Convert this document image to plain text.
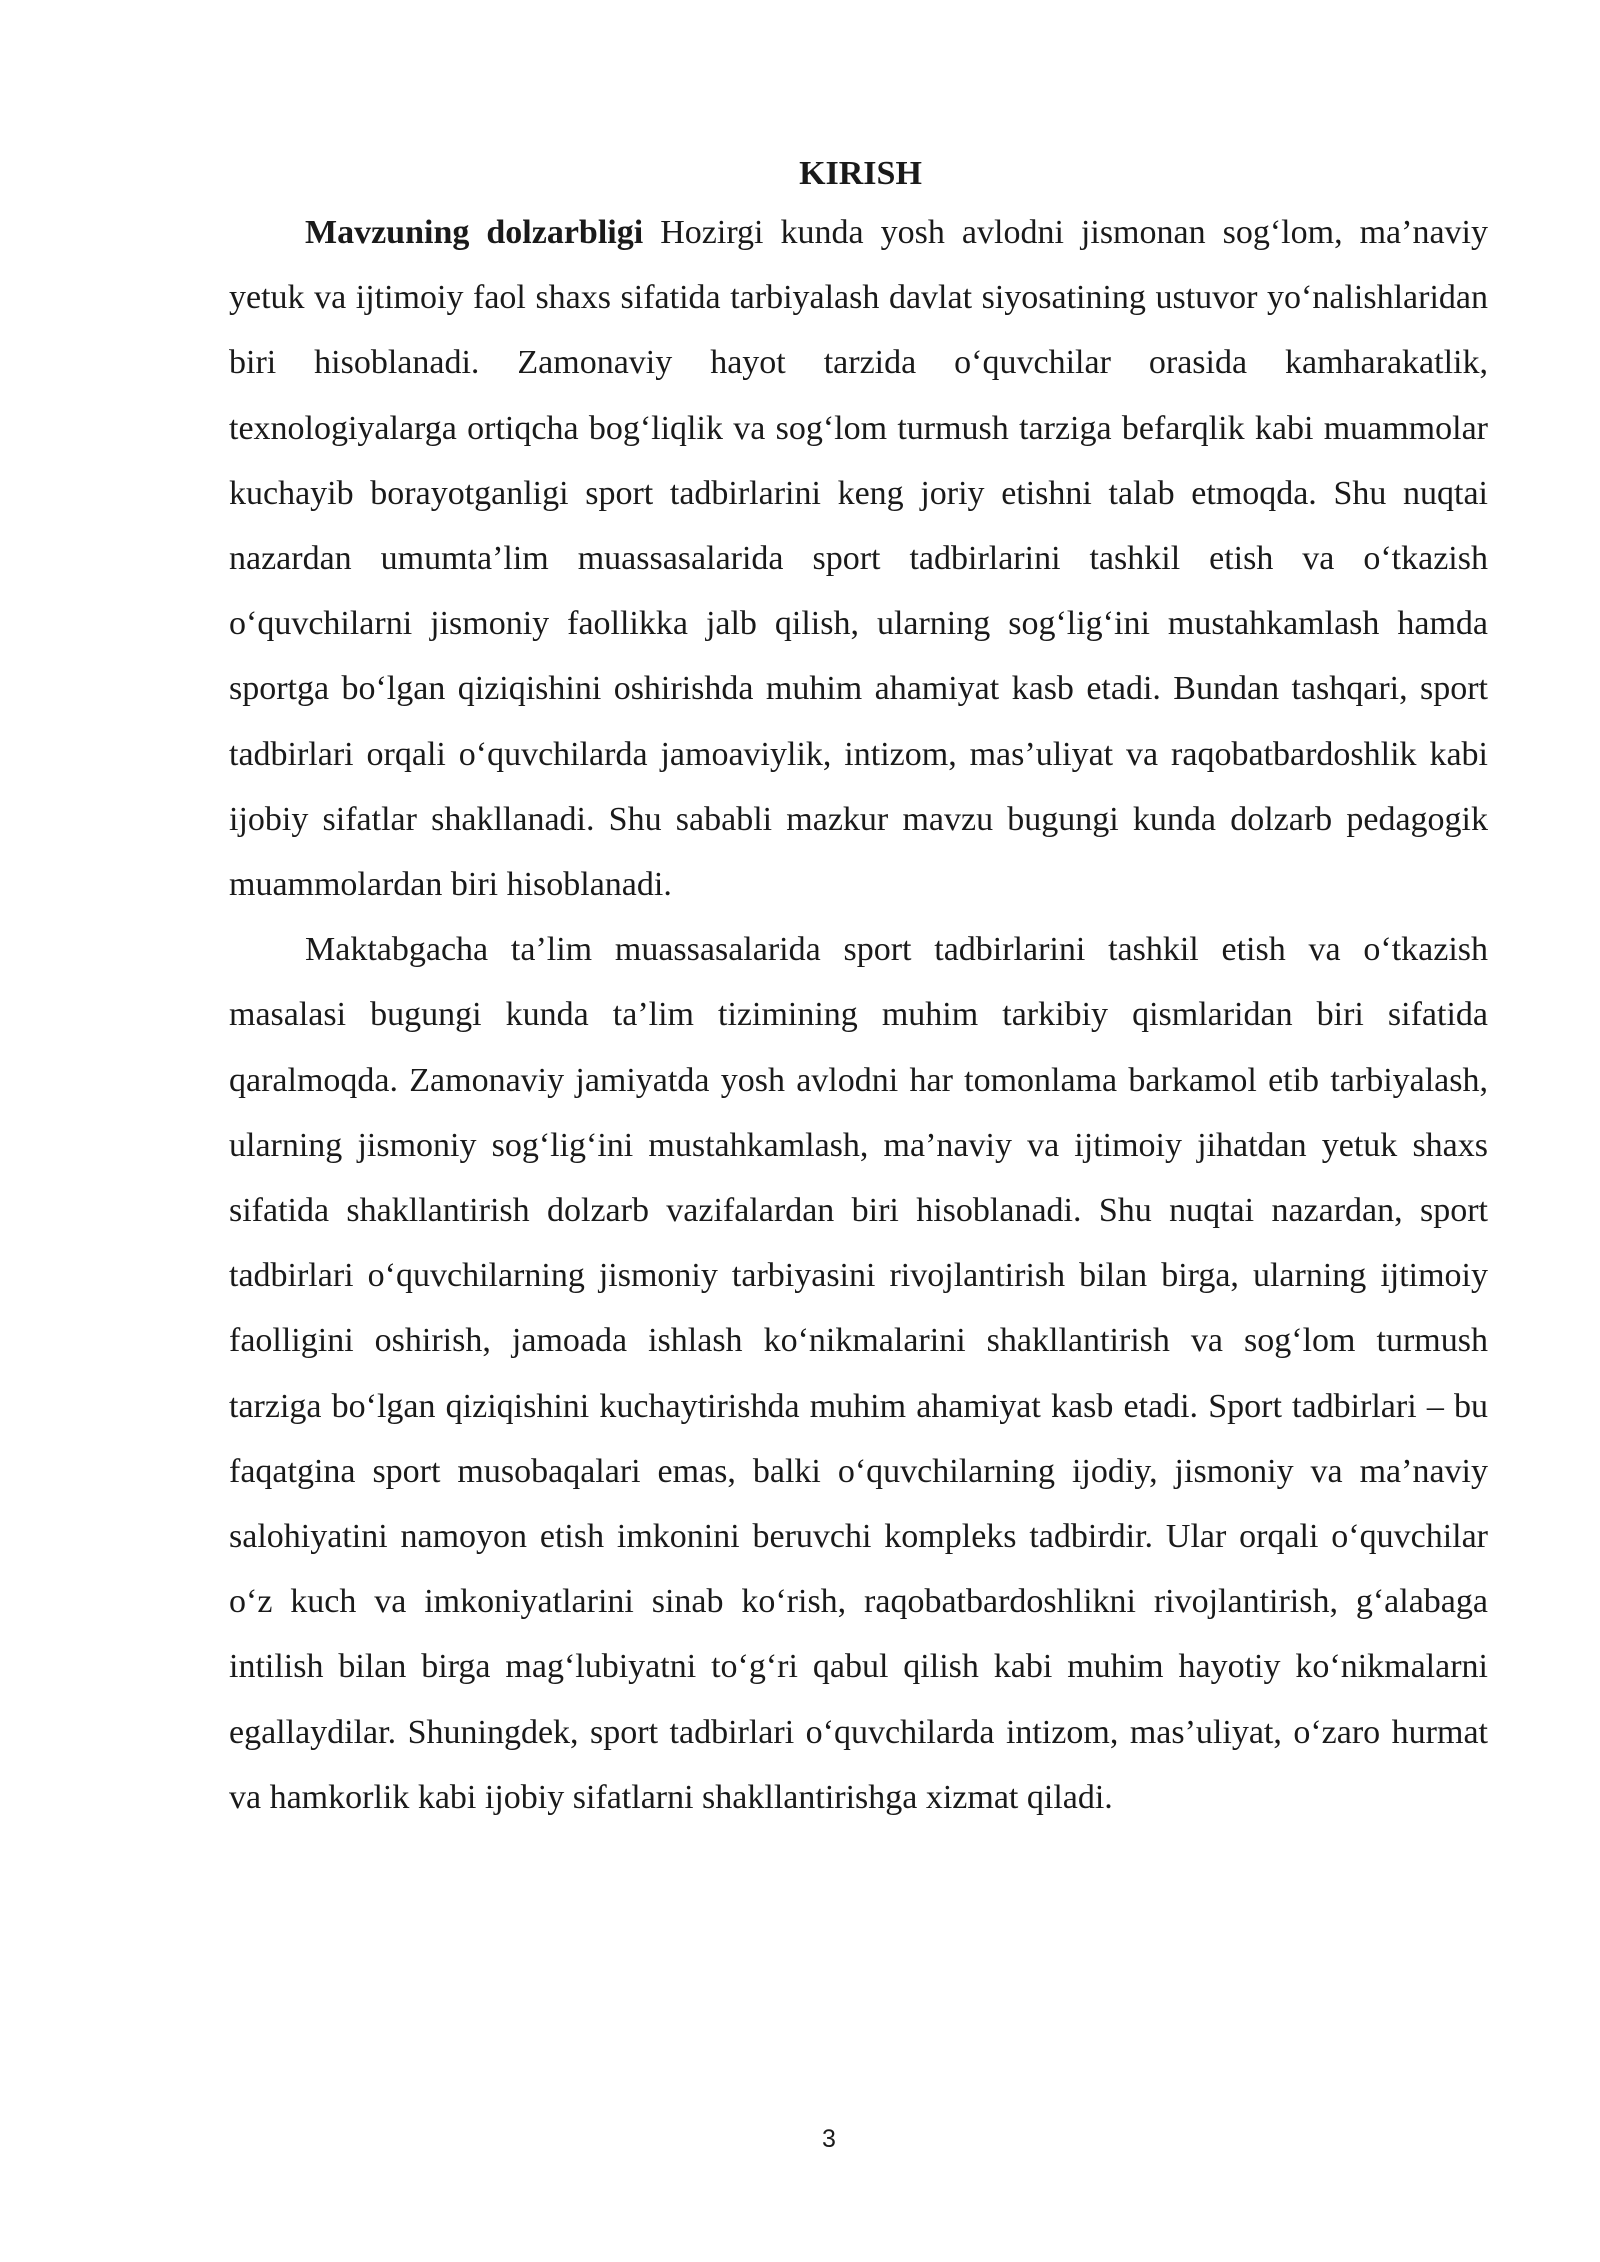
KIRISH

Mavzuning dolzarbligi Hozirgi kunda yosh avlodni jismonan sog‘lom, ma’naviy yetuk va ijtimoiy faol shaxs sifatida tarbiyalash davlat siyosatining ustuvor yo‘nalishlaridan biri hisoblanadi. Zamonaviy hayot tarzida o‘quvchilar orasida kamharakatlik, texnologiyalarga ortiqcha bog‘liqlik va sog‘lom turmush tarziga befarqlik kabi muammolar kuchayib borayotganligi sport tadbirlarini keng joriy etishni talab etmoqda. Shu nuqtai nazardan umumta’lim muassasalarida sport tadbirlarini tashkil etish va o‘tkazish o‘quvchilarni jismoniy faollikka jalb qilish, ularning sog‘lig‘ini mustahkamlash hamda sportga bo‘lgan qiziqishini oshirishda muhim ahamiyat kasb etadi. Bundan tashqari, sport tadbirlari orqali o‘quvchilarda jamoaviylik, intizom, mas’uliyat va raqobatbardoshlik kabi ijobiy sifatlar shakllanadi. Shu sababli mazkur mavzu bugungi kunda dolzarb pedagogik muammolardan biri hisoblanadi.

Maktabgacha ta’lim muassasalarida sport tadbirlarini tashkil etish va o‘tkazish masalasi bugungi kunda ta’lim tizimining muhim tarkibiy qismlaridan biri sifatida qaralmoqda. Zamonaviy jamiyatda yosh avlodni har tomonlama barkamol etib tarbiyalash, ularning jismoniy sog‘lig‘ini mustahkamlash, ma’naviy va ijtimoiy jihatdan yetuk shaxs sifatida shakllantirish dolzarb vazifalardan biri hisoblanadi. Shu nuqtai nazardan, sport tadbirlari o‘quvchilarning jismoniy tarbiyasini rivojlantirish bilan birga, ularning ijtimoiy faolligini oshirish, jamoada ishlash ko‘nikmalarini shakllantirish va sog‘lom turmush tarziga bo‘lgan qiziqishini kuchaytirishda muhim ahamiyat kasb etadi. Sport tadbirlari – bu faqatgina sport musobaqalari emas, balki o‘quvchilarning ijodiy, jismoniy va ma’naviy salohiyatini namoyon etish imkonini beruvchi kompleks tadbirdir. Ular orqali o‘quvchilar o‘z kuch va imkoniyatlarini sinab ko‘rish, raqobatbardoshlikni rivojlantirish, g‘alabaga intilish bilan birga mag‘lubiyatni to‘g‘ri qabul qilish kabi muhim hayotiy ko‘nikmalarni egallaydilar. Shuningdek, sport tadbirlari o‘quvchilarda intizom, mas’uliyat, o‘zaro hurmat va hamkorlik kabi ijobiy sifatlarni shakllantirishga xizmat qiladi.

3
